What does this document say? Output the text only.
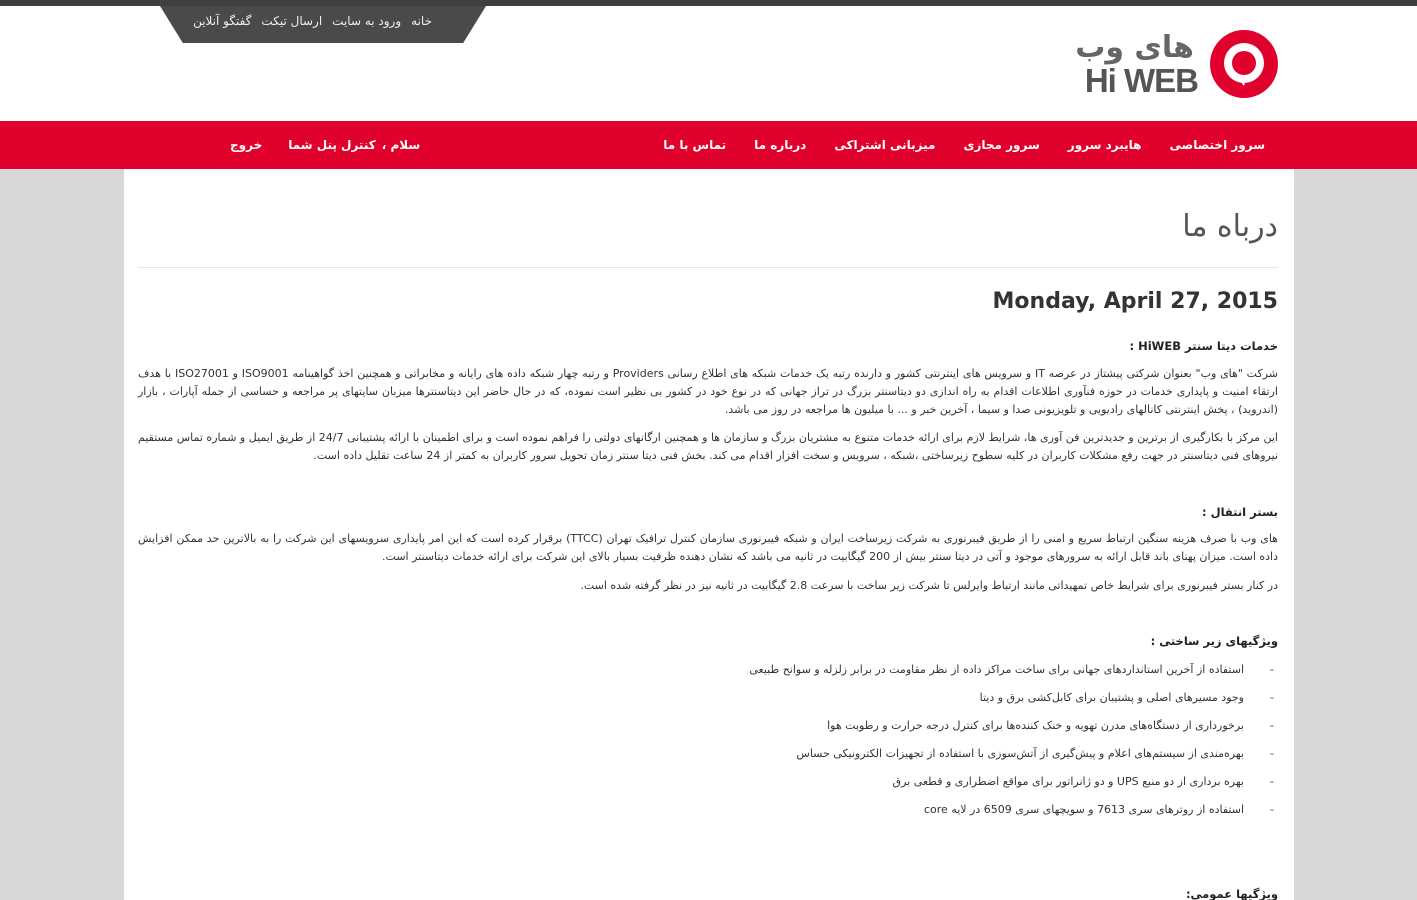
خانه
ورود به سایت
ارسال تیکت
گفتگو آنلاین
های وب
Hi WEB
سرور اختصاصی
هایبرد سرور
سرور مجازی
میزبانی اشتراکی
درباره ما
تماس با ما
سلام ،
کنترل پنل شما
خروج
درباه ما
Monday, April 27, 2015
خدمات دیتا سنتر HiWEB :
شرکت "های وب" بعنوان شرکتی پیشتاز در عرصه IT و سرویس های اینترنتی کشور و دارنده رتبه یک خدمات شبکه های اطلاع رسانی Providers و رتبه چهار شبکه داده های رایانه و مخابراتی و همچنین اخذ گواهینامه ISO9001 و ISO27001 با هدف ارتقاء امنیت و پایداری خدمات در حوزه فنآوری اطلاعات اقدام به راه اندازی دو دیتاسنتر بزرگ در تراز جهانی که در نوع خود در کشور بی نظیر است نموده، که در حال حاضر این دیتاسنترها میزبان سایتهای پر مراجعه و حساسی از جمله آپارات ، بازار (اندروید) ، پخش اینترنتی کانالهای رادیویی و تلویزیونی صدا و سیما ، آخرین خبر و ... با میلیون ها مراجعه در روز می باشد.
این مرکز با بکارگیری از برترین و جدیدترین فن آوری ها، شرایط لازم برای ارائه خدمات متنوع به مشتریان بزرگ و سازمان ها و همچنین ارگانهای دولتی را فراهم نموده است و برای اطمینان با ارائه پشتیبانی 24/7 از طریق ایمیل و شماره تماس مستقیم نیروهای فنی دیتاسنتر در جهت رفع مشکلات کاربران در کلیه سطوح زیرساختی ،شبکه ، سرویس و سخت افزار اقدام می کند. بخش فنی دیتا سنتر زمان تحویل سرور کاربران به کمتر از 24 ساعت تقلیل داده است.
بستر انتقال :
های وب با صرف هزینه سنگین ارتباط سریع و امنی را از طریق فیبرنوری به شرکت زیرساخت ایران و شبکه فیبرنوری سازمان کنترل ترافیک تهران (TTCC) برقرار کرده است که این امر پایداری سرویسهای این شرکت را به بالاترین حد ممکن افزایش داده است. میزان پهنای باند قابل ارائه به سرورهای موجود و آتی در دیتا سنتر بیش از 200 گیگابیت در ثانیه می باشد که نشان دهنده ظرفیت بسیار بالای این شرکت برای ارائه خدمات دیتاسنتر است.
در کنار بستر فیبرنوری برای شرایط خاص تمهیداتی مانند ارتباط وایرلس تا شرکت زیر ساخت با سرعت 2.8 گیگابیت در ثانیه نیز در نظر گرفته شده است.
ویژگیهای زیر ساختی :
-
استفاده از آخرین استانداردهای جهانی برای ساخت مراکز داده از نظر مقاومت در برابر زلزله و سوانح طبیعی
-
وجود مسیرهای اصلی و پشتیبان برای کابل‌کشی برق و دیتا
-
برخورداری از دستگاه‌های مدرن تهویه و خنک کننده‌ها برای کنترل درجه حرارت و رطوبت هوا
-
بهره‌مندی از سیستم‌های اعلام و پیش‌گیری از آتش‌سوزی با استفاده از تجهیزات الکترونیکی حساس
-
بهره برداری از دو منبع UPS و دو ژانراتور برای مواقع اضطراری و قطعی برق
-
استفاده از روترهای سری 7613 و سویچهای سری 6509 در لایه core
ویژگیها عمومی:
